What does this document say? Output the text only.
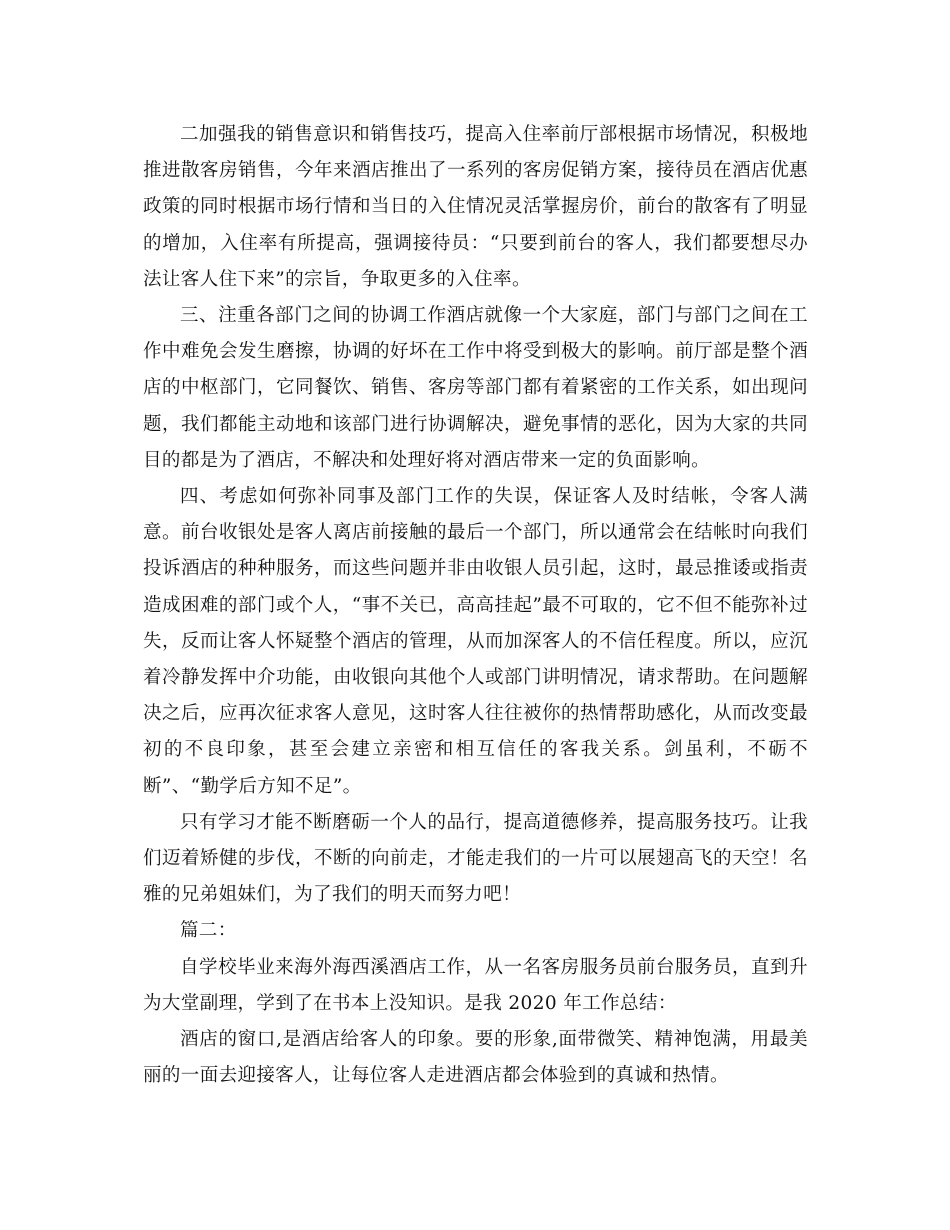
二加强我的销售意识和销售技巧，提高入住率前厅部根据市场情况，积极地推进散客房销售，今年来酒店推出了一系列的客房促销方案，接待员在酒店优惠政策的同时根据市场行情和当日的入住情况灵活掌握房价，前台的散客有了明显的增加，入住率有所提高，强调接待员：“只要到前台的客人，我们都要想尽办法让客人住下来”的宗旨，争取更多的入住率。

三、注重各部门之间的协调工作酒店就像一个大家庭，部门与部门之间在工作中难免会发生磨擦，协调的好坏在工作中将受到极大的影响。前厅部是整个酒店的中枢部门，它同餐饮、销售、客房等部门都有着紧密的工作关系，如出现问题，我们都能主动地和该部门进行协调解决，避免事情的恶化，因为大家的共同目的都是为了酒店，不解决和处理好将对酒店带来一定的负面影响。

四、考虑如何弥补同事及部门工作的失误，保证客人及时结帐，令客人满意。前台收银处是客人离店前接触的最后一个部门，所以通常会在结帐时向我们投诉酒店的种种服务，而这些问题并非由收银人员引起，这时，最忌推诿或指责造成困难的部门或个人，“事不关已，高高挂起”最不可取的，它不但不能弥补过失，反而让客人怀疑整个酒店的管理，从而加深客人的不信任程度。所以，应沉着冷静发挥中介功能，由收银向其他个人或部门讲明情况，请求帮助。在问题解决之后，应再次征求客人意见，这时客人往往被你的热情帮助感化，从而改变最初的不良印象，甚至会建立亲密和相互信任的客我关系。剑虽利，不砺不断”、“勤学后方知不足”。

只有学习才能不断磨砺一个人的品行，提高道德修养，提高服务技巧。让我们迈着矫健的步伐，不断的向前走，才能走我们的一片可以展翅高飞的天空！名雅的兄弟姐妹们，为了我们的明天而努力吧！

篇二：

自学校毕业来海外海西溪酒店工作，从一名客房服务员前台服务员，直到升为大堂副理，学到了在书本上没知识。是我 2020 年工作总结：

酒店的窗口,是酒店给客人的印象。要的形象,面带微笑、精神饱满，用最美丽的一面去迎接客人，让每位客人走进酒店都会体验到的真诚和热情。
